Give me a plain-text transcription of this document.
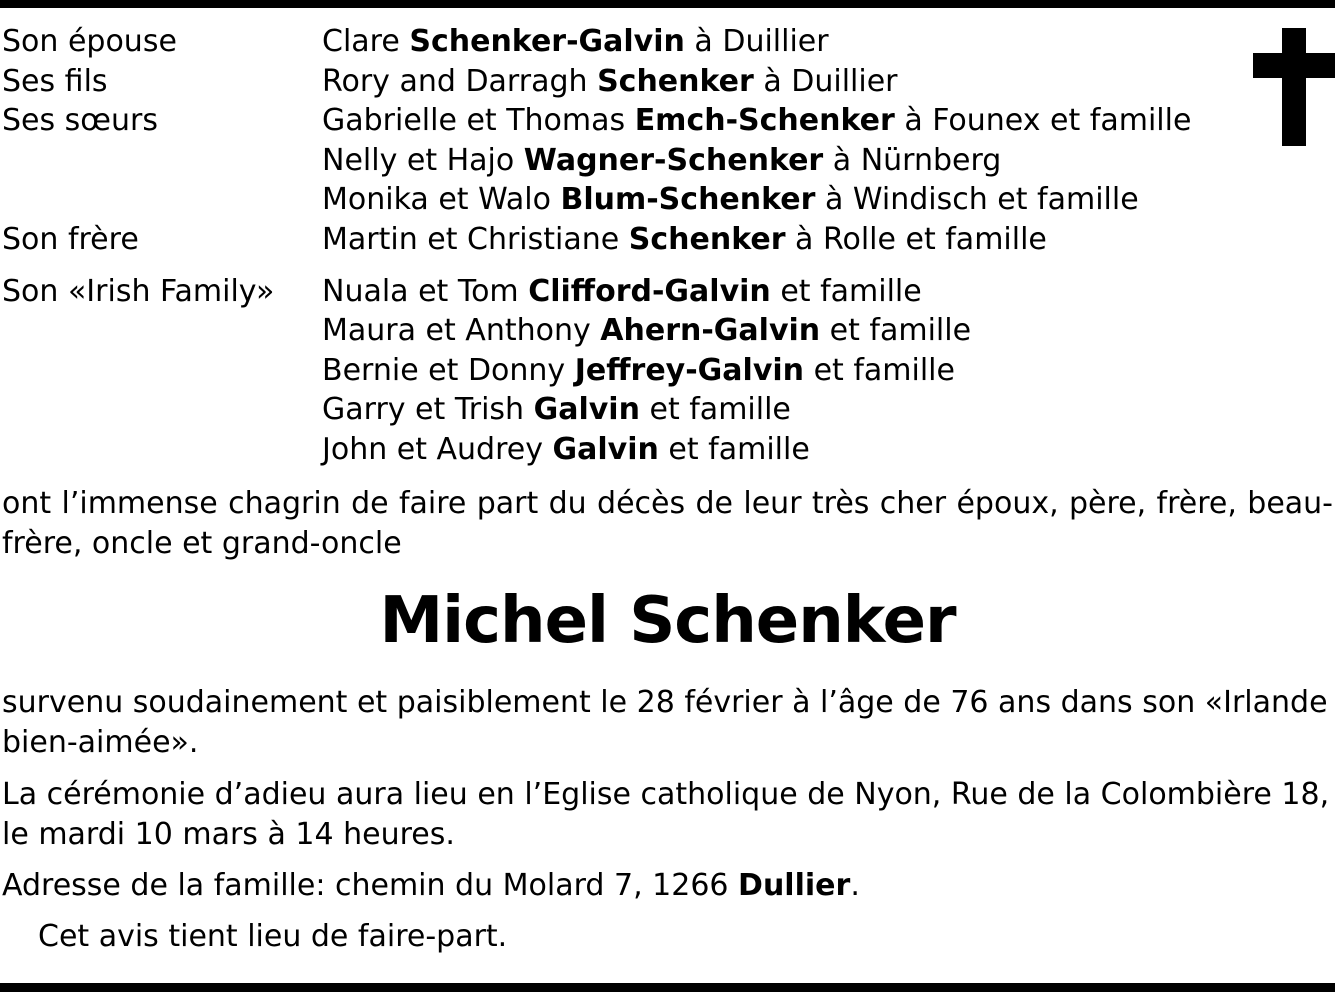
Son épouse	Clare Schenker-Galvin à Duillier
Ses fils	Rory and Darragh Schenker à Duillier
Ses sœurs	Gabrielle et Thomas Emch-Schenker à Founex et famille
Nelly et Hajo Wagner-Schenker à Nürnberg
Monika et Walo Blum-Schenker à Windisch et famille
Son frère	Martin et Christiane Schenker à Rolle et famille
Son «Irish Family»	Nuala et Tom Clifford-Galvin et famille
Maura et Anthony Ahern-Galvin et famille
Bernie et Donny Jeffrey-Galvin et famille
Garry et Trish Galvin et famille
John et Audrey Galvin et famille
ont l’immense chagrin de faire part du décès de leur très cher époux, père, frère, beau-frère, oncle et grand-oncle
Michel Schenker
survenu soudainement et paisiblement le 28 février à l’âge de 76 ans dans son «Irlande bien-aimée».
La cérémonie d’adieu aura lieu en l’Eglise catholique de Nyon, Rue de la Colombière 18, le mardi 10 mars à 14 heures.
Adresse de la famille: chemin du Molard 7, 1266 Dullier.
Cet avis tient lieu de faire-part.
